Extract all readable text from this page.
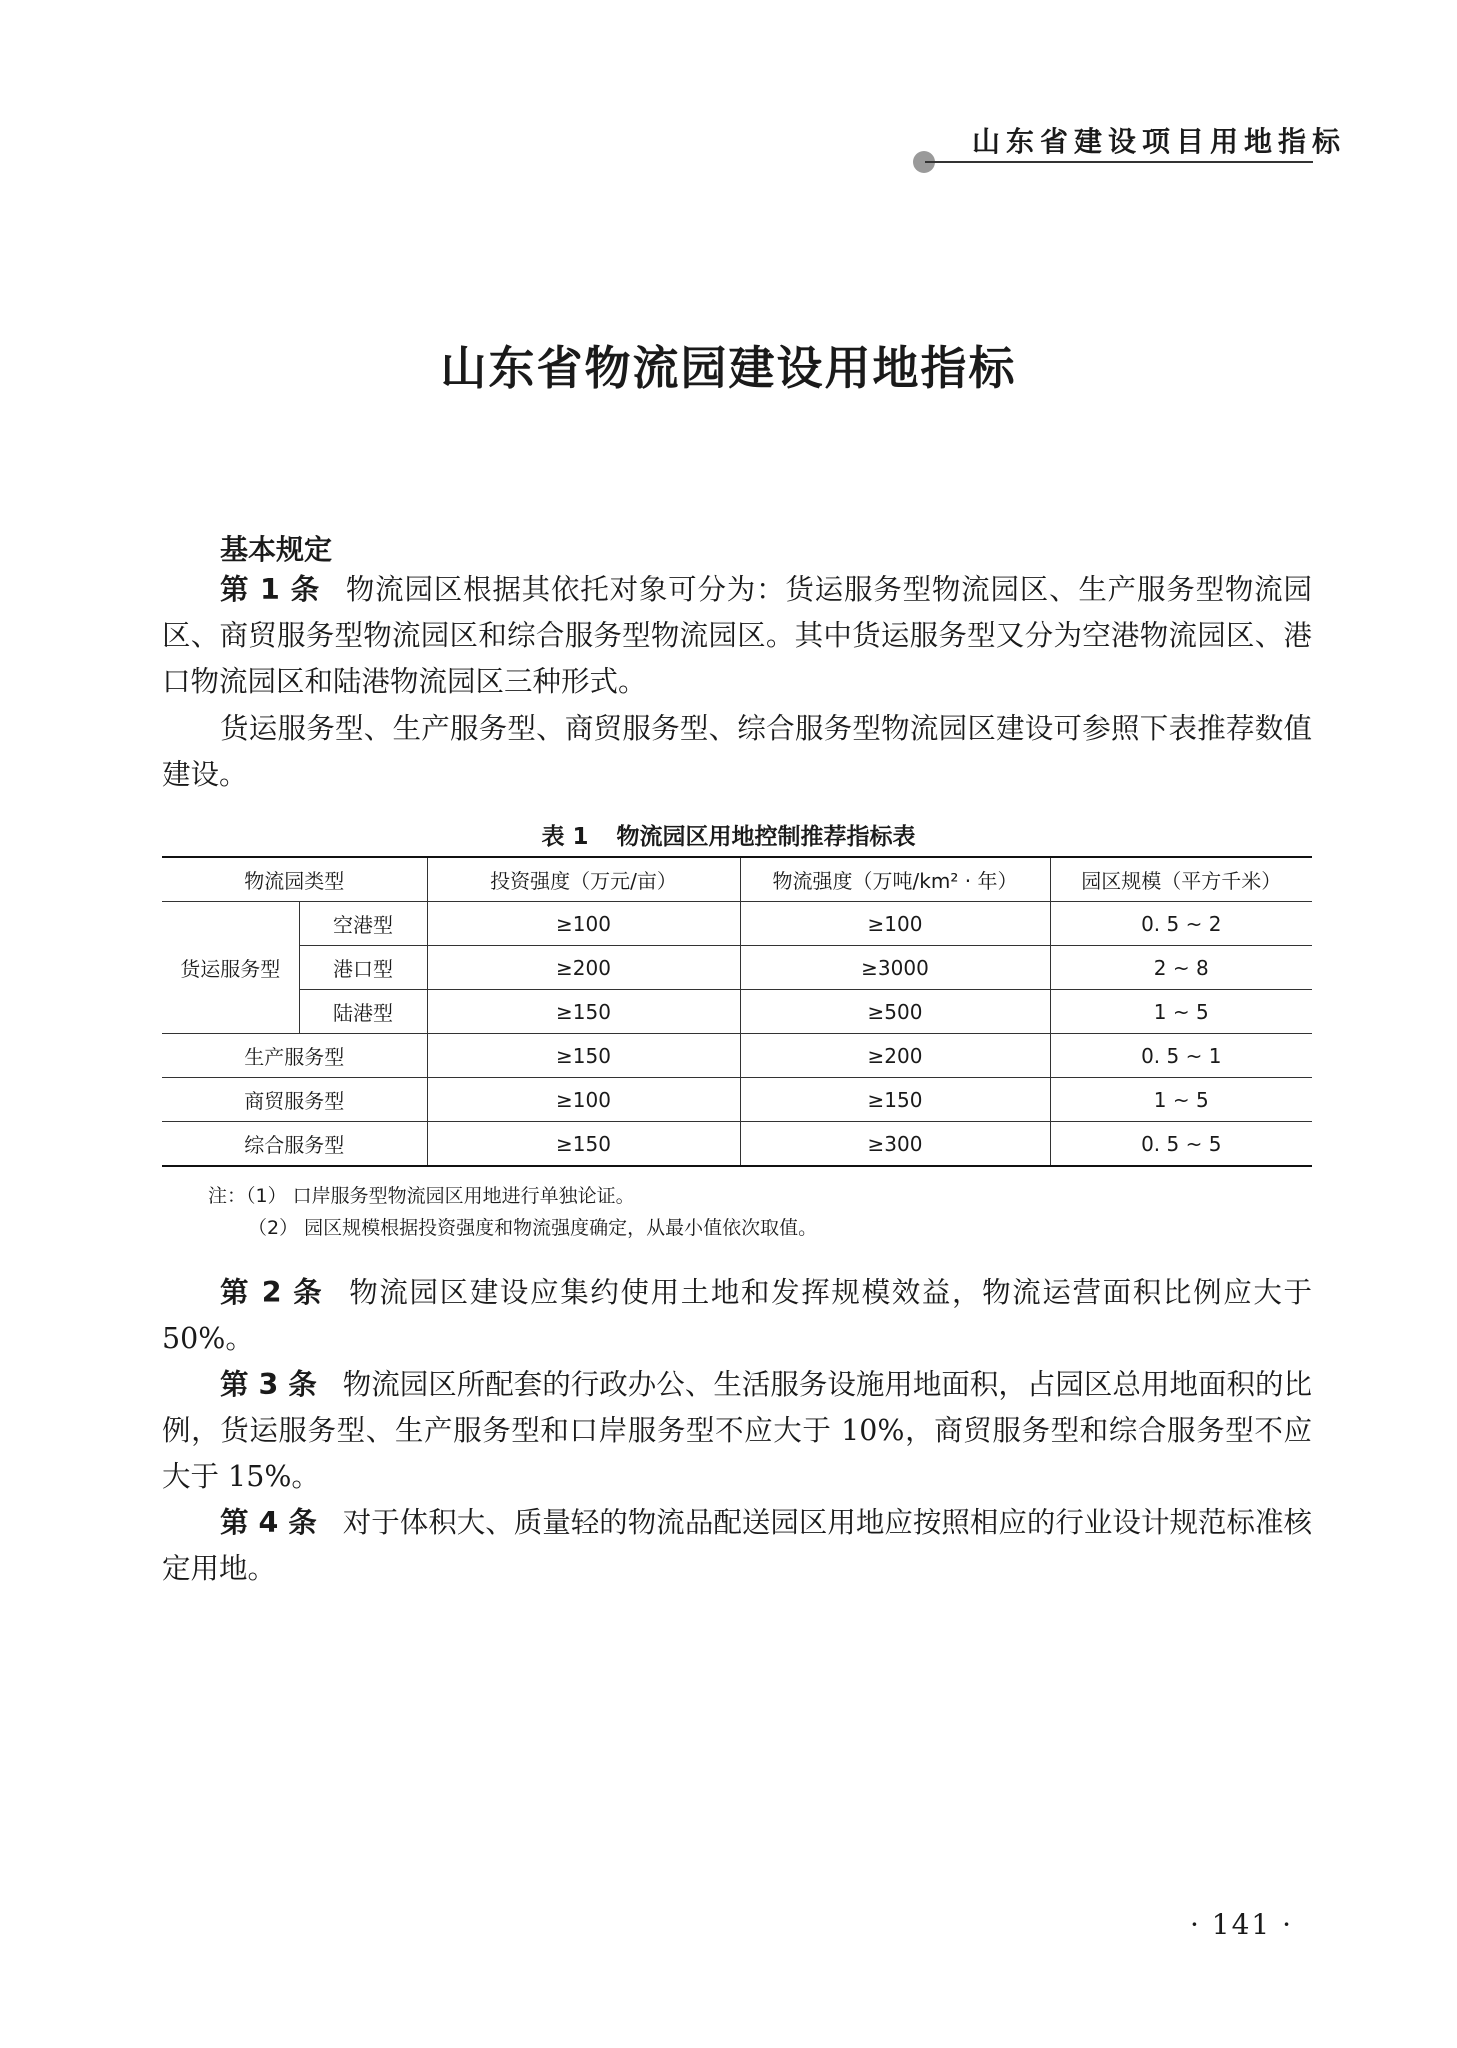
山东省建设项目用地指标
山东省物流园建设用地指标
基本规定
第 1 条 物流园区根据其依托对象可分为：货运服务型物流园区、生产服务型物流园区、商贸服务型物流园区和综合服务型物流园区。其中货运服务型又分为空港物流园区、港口物流园区和陆港物流园区三种形式。
货运服务型、生产服务型、商贸服务型、综合服务型物流园区建设可参照下表推荐数值建设。
表 1 物流园区用地控制推荐指标表
物流园类型		投资强度（万元/亩）	物流强度（万吨/km² · 年）	园区规模（平方千米）
货运服务型	空港型	≥100	≥100	0. 5 ~ 2
	港口型	≥200	≥3000	2 ~ 8
	陆港型	≥150	≥500	1 ~ 5
生产服务型		≥150	≥200	0. 5 ~ 1
商贸服务型		≥100	≥150	1 ~ 5
综合服务型		≥150	≥300	0. 5 ~ 5
注：（1） 口岸服务型物流园区用地进行单独论证。
（2） 园区规模根据投资强度和物流强度确定，从最小值依次取值。
第 2 条 物流园区建设应集约使用土地和发挥规模效益，物流运营面积比例应大于 50%。
第 3 条 物流园区所配套的行政办公、生活服务设施用地面积，占园区总用地面积的比例，货运服务型、生产服务型和口岸服务型不应大于 10%，商贸服务型和综合服务型不应大于 15%。
第 4 条 对于体积大、质量轻的物流品配送园区用地应按照相应的行业设计规范标准核定用地。
· 141 ·
